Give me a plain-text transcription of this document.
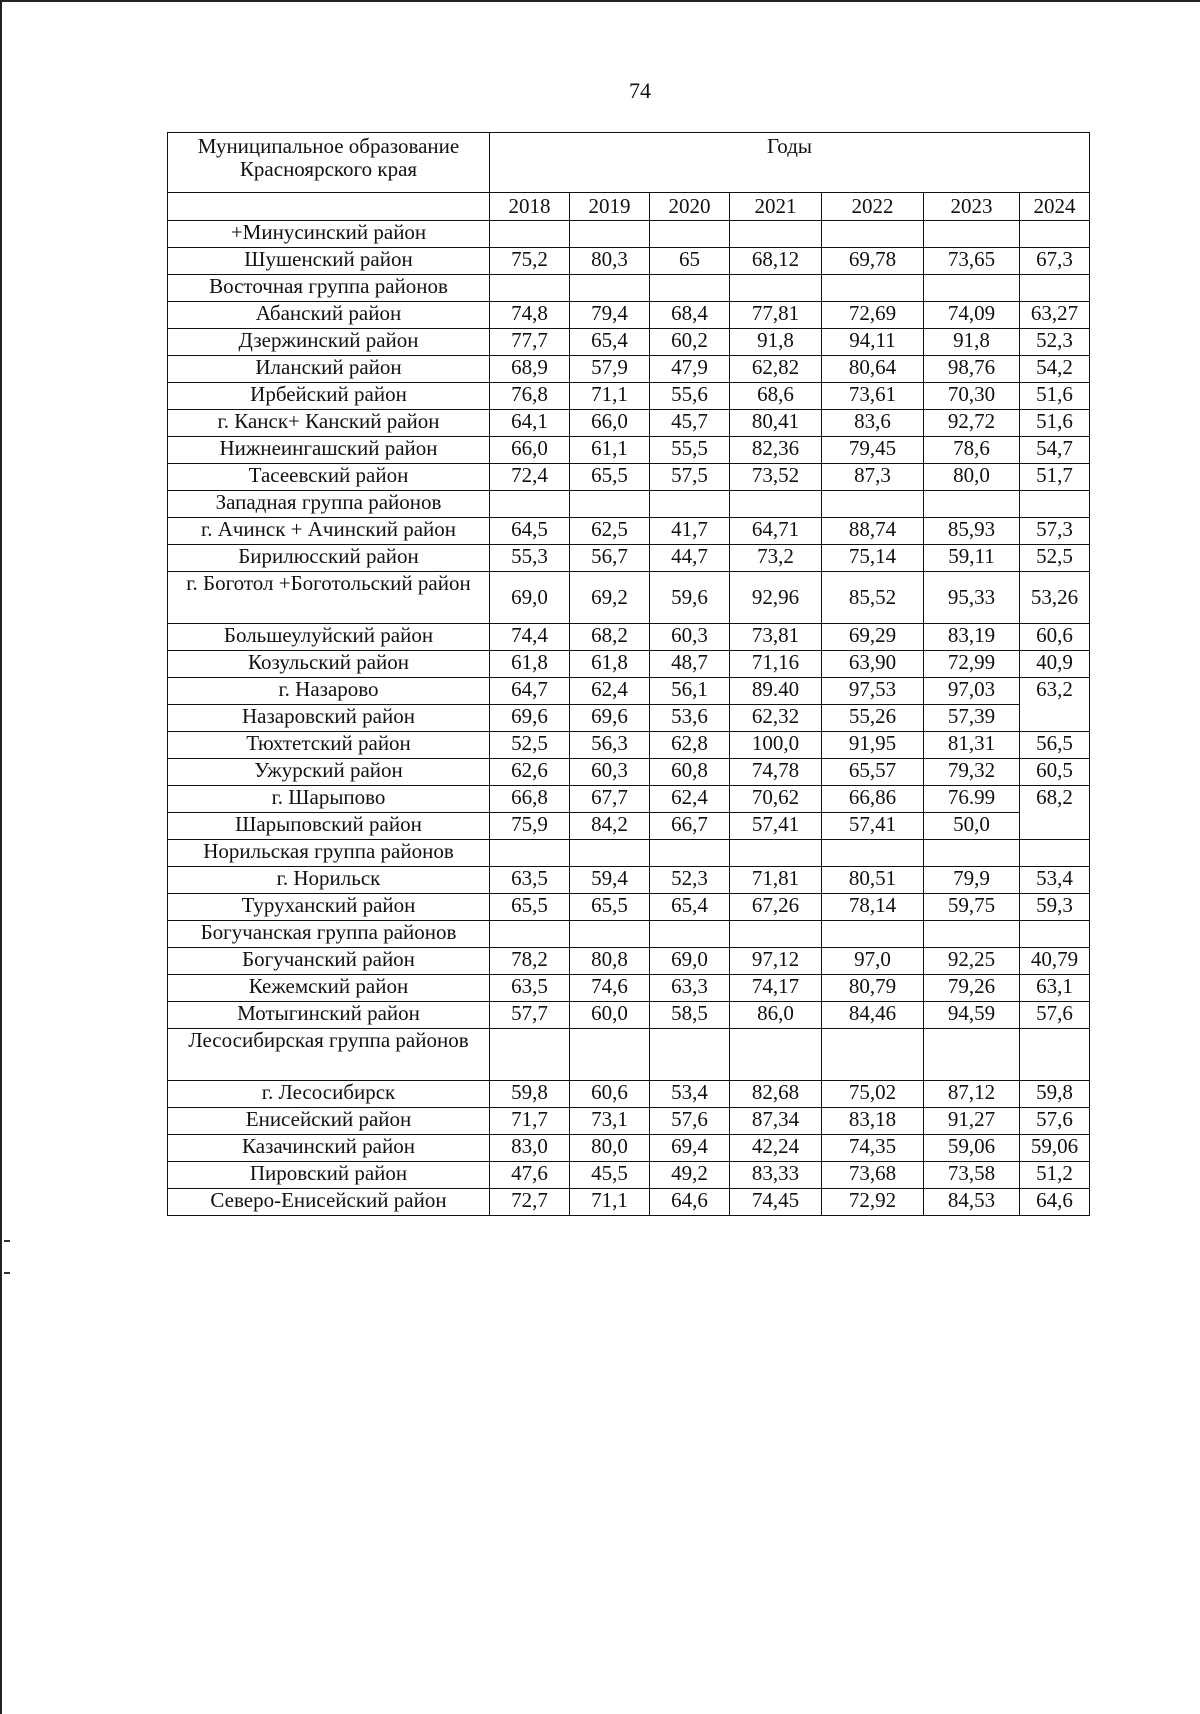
74
Муниципальное образование Красноярского края	Годы						
	2018	2019	2020	2021	2022	2023	2024
+Минусинский район							
Шушенский район	75,2	80,3	65	68,12	69,78	73,65	67,3
Восточная группа районов							
Абанский район	74,8	79,4	68,4	77,81	72,69	74,09	63,27
Дзержинский район	77,7	65,4	60,2	91,8	94,11	91,8	52,3
Иланский район	68,9	57,9	47,9	62,82	80,64	98,76	54,2
Ирбейский район	76,8	71,1	55,6	68,6	73,61	70,30	51,6
г. Канск+ Канский район	64,1	66,0	45,7	80,41	83,6	92,72	51,6
Нижнеингашский район	66,0	61,1	55,5	82,36	79,45	78,6	54,7
Тасеевский район	72,4	65,5	57,5	73,52	87,3	80,0	51,7
Западная группа районов							
г. Ачинск + Ачинский район	64,5	62,5	41,7	64,71	88,74	85,93	57,3
Бирилюсский район	55,3	56,7	44,7	73,2	75,14	59,11	52,5
г. Боготол +Боготольский район	69,0	69,2	59,6	92,96	85,52	95,33	53,26
Большеулуйский район	74,4	68,2	60,3	73,81	69,29	83,19	60,6
Козульский район	61,8	61,8	48,7	71,16	63,90	72,99	40,9
г. Назарово	64,7	62,4	56,1	89.40	97,53	97,03	63,2
Назаровский район	69,6	69,6	53,6	62,32	55,26	57,39	
Тюхтетский район	52,5	56,3	62,8	100,0	91,95	81,31	56,5
Ужурский район	62,6	60,3	60,8	74,78	65,57	79,32	60,5
г. Шарыпово	66,8	67,7	62,4	70,62	66,86	76.99	68,2
Шарыповский район	75,9	84,2	66,7	57,41	57,41	50,0	
Норильская группа районов							
г. Норильск	63,5	59,4	52,3	71,81	80,51	79,9	53,4
Туруханский район	65,5	65,5	65,4	67,26	78,14	59,75	59,3
Богучанская группа районов							
Богучанский район	78,2	80,8	69,0	97,12	97,0	92,25	40,79
Кежемский район	63,5	74,6	63,3	74,17	80,79	79,26	63,1
Мотыгинский район	57,7	60,0	58,5	86,0	84,46	94,59	57,6
Лесосибирская группа районов							
г. Лесосибирск	59,8	60,6	53,4	82,68	75,02	87,12	59,8
Енисейский район	71,7	73,1	57,6	87,34	83,18	91,27	57,6
Казачинский район	83,0	80,0	69,4	42,24	74,35	59,06	59,06
Пировский район	47,6	45,5	49,2	83,33	73,68	73,58	51,2
Северо-Енисейский район	72,7	71,1	64,6	74,45	72,92	84,53	64,6
